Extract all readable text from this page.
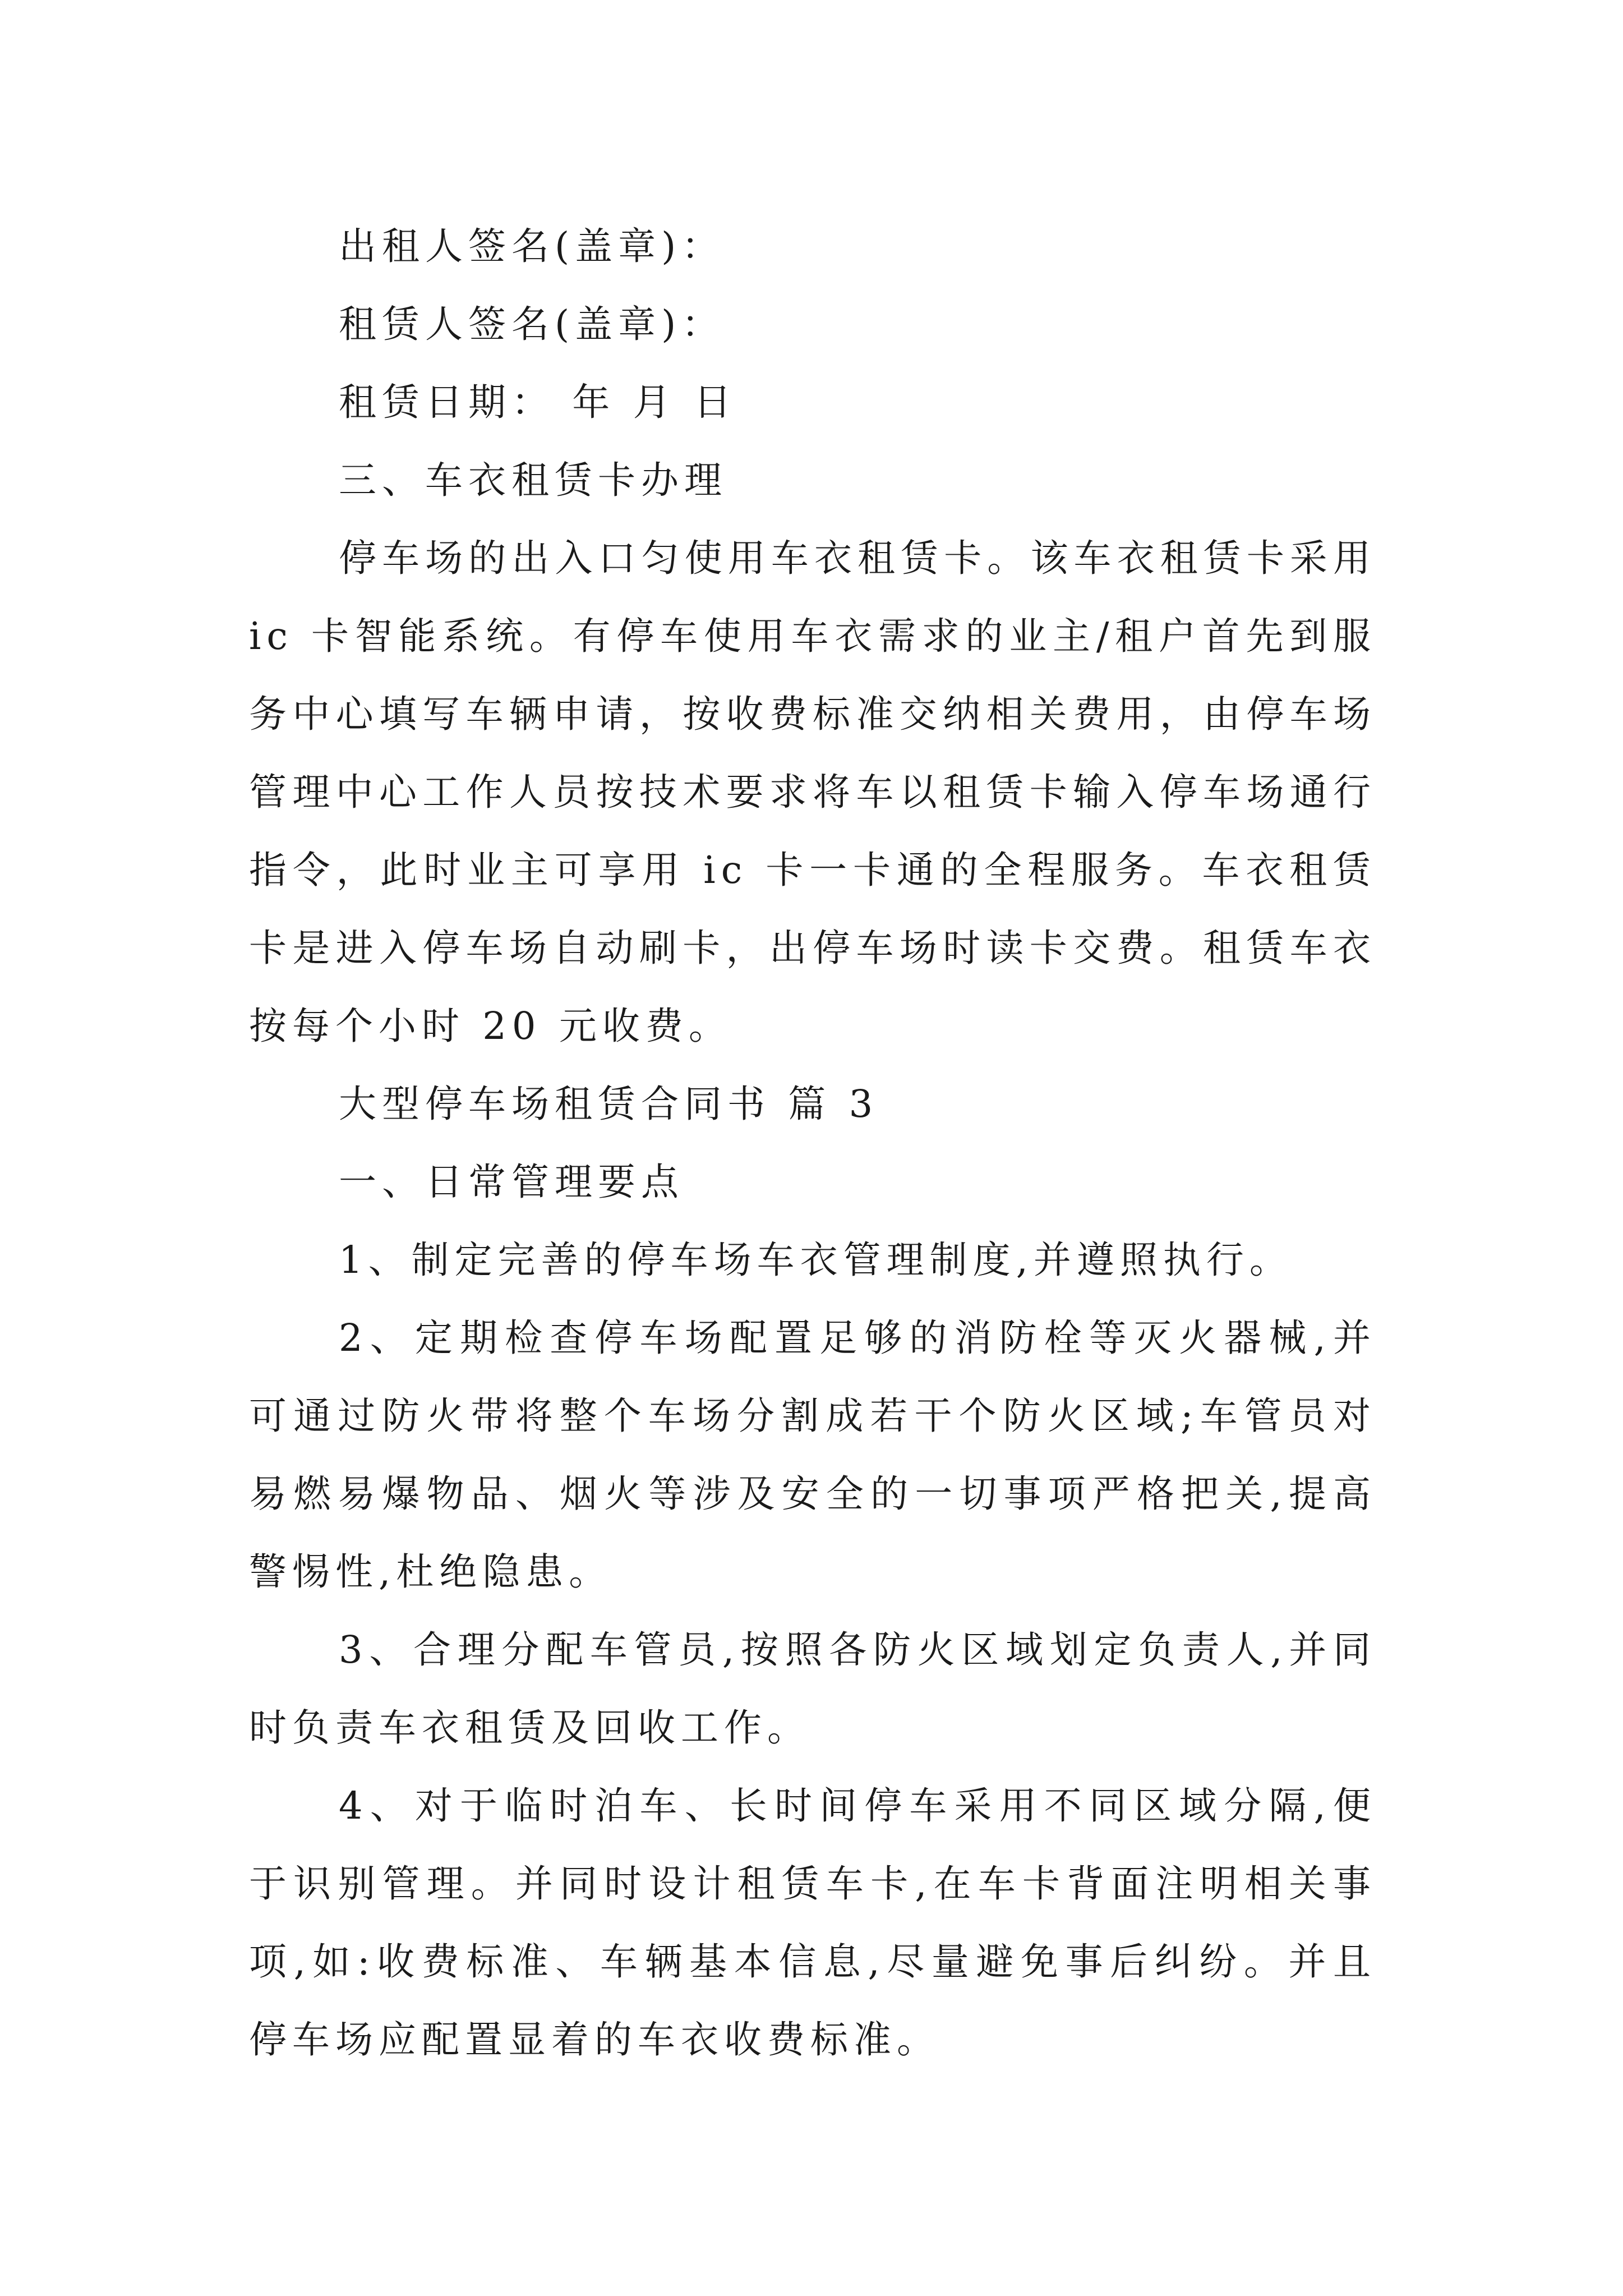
出租人签名(盖章)：

租赁人签名(盖章)：

租赁日期： 年 月 日

三、车衣租赁卡办理

停车场的出入口匀使用车衣租赁卡。该车衣租赁卡采用ic 卡智能系统。有停车使用车衣需求的业主/租户首先到服务中心填写车辆申请，按收费标准交纳相关费用，由停车场管理中心工作人员按技术要求将车以租赁卡输入停车场通行指令，此时业主可享用 ic 卡一卡通的全程服务。车衣租赁卡是进入停车场自动刷卡，出停车场时读卡交费。租赁车衣按每个小时 20 元收费。

大型停车场租赁合同书 篇 3

一、日常管理要点

1、制定完善的停车场车衣管理制度,并遵照执行。

2、定期检查停车场配置足够的消防栓等灭火器械,并可通过防火带将整个车场分割成若干个防火区域;车管员对易燃易爆物品、烟火等涉及安全的一切事项严格把关,提高警惕性,杜绝隐患。

3、合理分配车管员,按照各防火区域划定负责人,并同时负责车衣租赁及回收工作。

4、对于临时泊车、长时间停车采用不同区域分隔,便于识别管理。并同时设计租赁车卡,在车卡背面注明相关事项,如:收费标准、车辆基本信息,尽量避免事后纠纷。并且停车场应配置显着的车衣收费标准。
